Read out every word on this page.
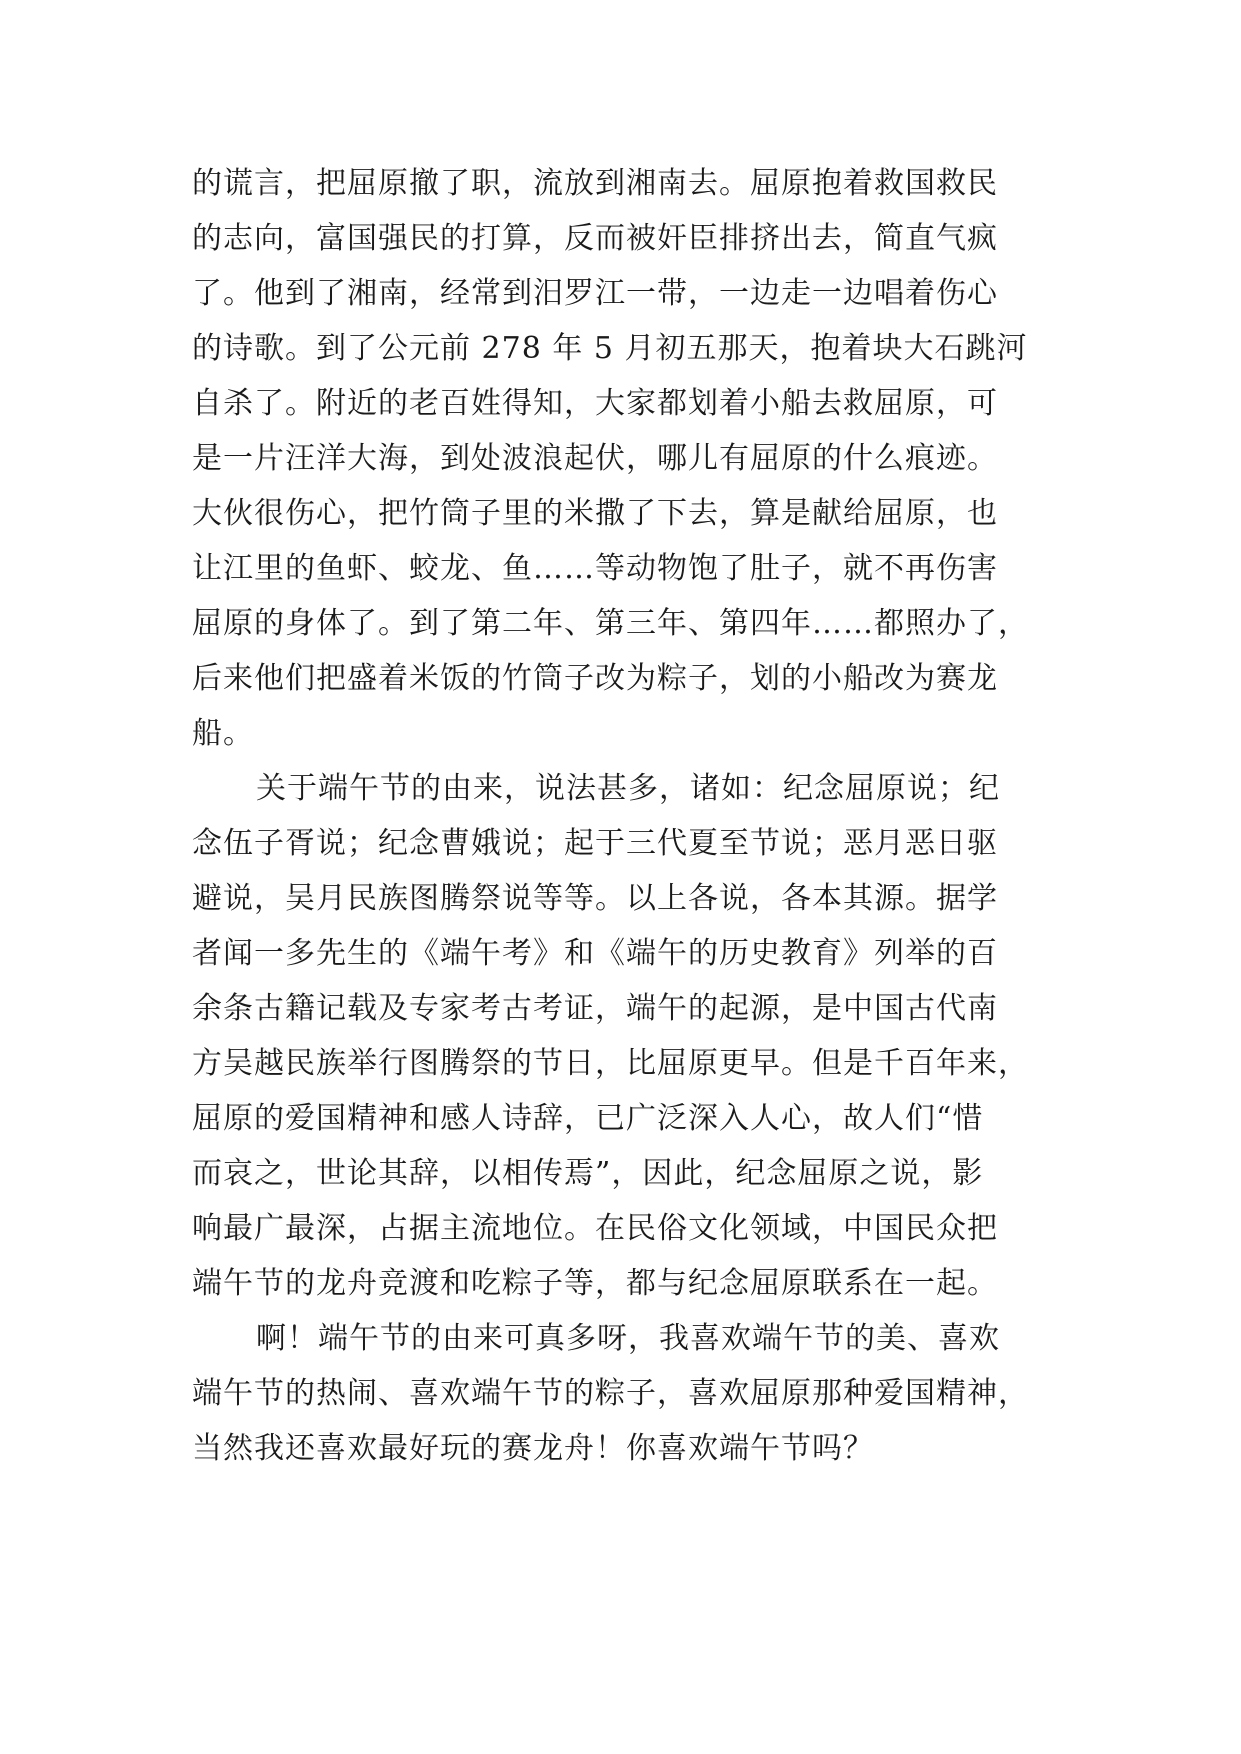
的谎言，把屈原撤了职，流放到湘南去。屈原抱着救国救民
的志向，富国强民的打算，反而被奸臣排挤出去，简直气疯
了。他到了湘南，经常到汨罗江一带，一边走一边唱着伤心
的诗歌。到了公元前 278 年 5 月初五那天，抱着块大石跳河
自杀了。附近的老百姓得知，大家都划着小船去救屈原，可
是一片汪洋大海，到处波浪起伏，哪儿有屈原的什么痕迹。
大伙很伤心，把竹筒子里的米撒了下去，算是献给屈原，也
让江里的鱼虾、蛟龙、鱼……等动物饱了肚子，就不再伤害
屈原的身体了。到了第二年、第三年、第四年……都照办了，
后来他们把盛着米饭的竹筒子改为粽子，划的小船改为赛龙
船。
关于端午节的由来，说法甚多，诸如：纪念屈原说；纪
念伍子胥说；纪念曹娥说；起于三代夏至节说；恶月恶日驱
避说，吴月民族图腾祭说等等。以上各说，各本其源。据学
者闻一多先生的《端午考》和《端午的历史教育》列举的百
余条古籍记载及专家考古考证，端午的起源，是中国古代南
方吴越民族举行图腾祭的节日，比屈原更早。但是千百年来，
屈原的爱国精神和感人诗辞，已广泛深入人心，故人们“惜
而哀之，世论其辞，以相传焉”，因此，纪念屈原之说，影
响最广最深，占据主流地位。在民俗文化领域，中国民众把
端午节的龙舟竞渡和吃粽子等，都与纪念屈原联系在一起。
啊！端午节的由来可真多呀，我喜欢端午节的美、喜欢
端午节的热闹、喜欢端午节的粽子，喜欢屈原那种爱国精神，
当然我还喜欢最好玩的赛龙舟！你喜欢端午节吗？
